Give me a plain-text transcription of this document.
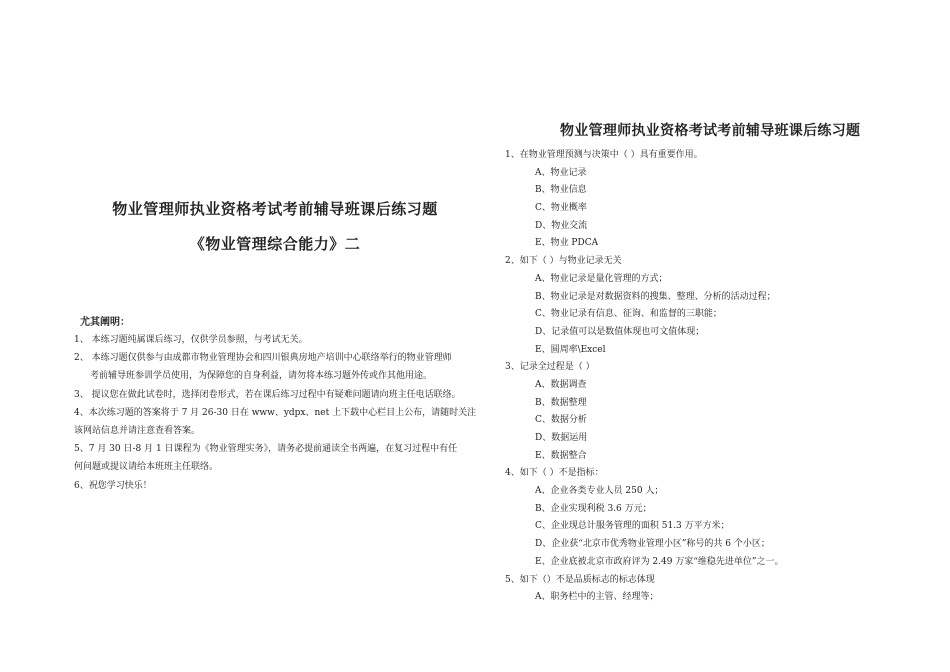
物业管理师执业资格考试考前辅导班课后练习题
《物业管理综合能力》二
尤其阐明：
1、 本练习题纯属课后练习，仅供学员参照，与考试无关。
2、 本练习题仅供参与由成都市物业管理协会和四川银典房地产培训中心联络举行的物业管理师
考前辅导班参训学员使用，为保障您的自身利益，请勿将本练习题外传或作其他用途。
3、 提议您在做此试卷时，选择闭卷形式，若在课后练习过程中有疑难问题请向班主任电话联络。
4、本次练习题的答案将于 7 月 26-30 日在 www、ydpx、net 上下载中心栏目上公布，请随时关注
该网站信息并请注意查看答案。
5、7 月 30 日-8 月 1 日课程为《物业管理实务》，请务必提前通读全书两遍，在复习过程中有任
何问题或提议请给本班班主任联络。
6、祝您学习快乐！
物业管理师执业资格考试考前辅导班课后练习题
1、在物业管理预测与决策中（ ）具有重要作用。
A、物业记录
B、物业信息
C、物业概率
D、物业交流
E、物业 PDCA
2、如下（ ）与物业记录无关
A、物业记录是量化管理的方式；
B、物业记录是对数据资料的搜集、整理、分析的活动过程；
C、物业记录有信息、征询、和监督的三职能；
D、记录值可以是数值体现也可文值体现；
E、圆周率\Excel
3、记录全过程是（ ）
A、数据调查
B、数据整理
C、数据分析
D、数据运用
E、数据整合
4、如下（ ）不是指标：
A、企业各类专业人员 250 人；
B、企业实现利税 3.6 万元；
C、企业现总计服务管理的面积 51.3 万平方米；
D、企业获“北京市优秀物业管理小区”称号的共 6 个小区；
E、企业底被北京市政府评为 2.49 万家“维稳先进单位”之一。
5、如下（）不是品质标志的标志体现
A、职务栏中的主管、经理等；
